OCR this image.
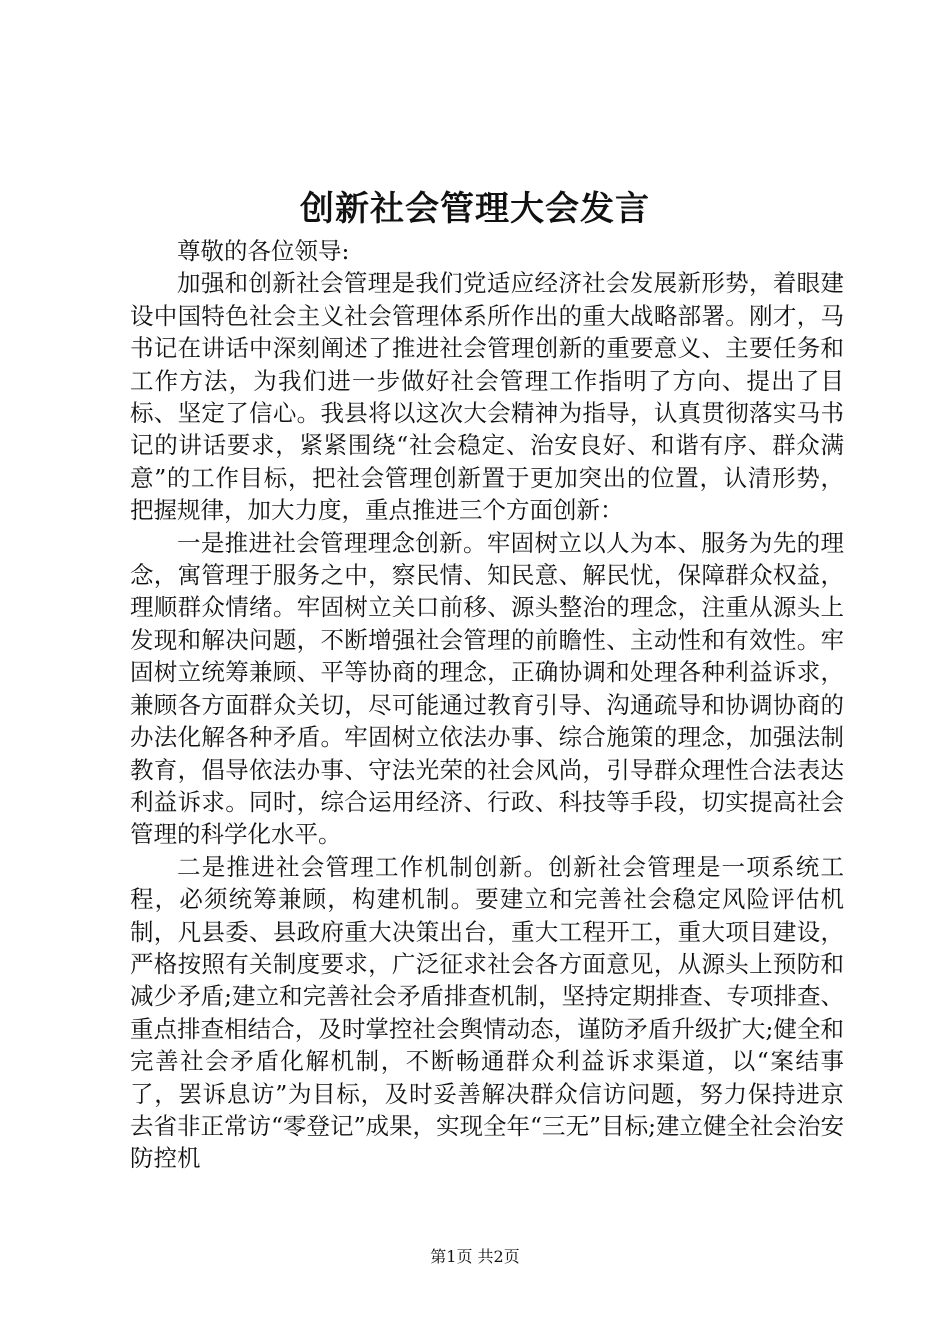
创新社会管理大会发言

尊敬的各位领导:

加强和创新社会管理是我们党适应经济社会发展新形势，着眼建设中国特色社会主义社会管理体系所作出的重大战略部署。刚才，马书记在讲话中深刻阐述了推进社会管理创新的重要意义、主要任务和工作方法，为我们进一步做好社会管理工作指明了方向、提出了目标、坚定了信心。我县将以这次大会精神为指导，认真贯彻落实马书记的讲话要求，紧紧围绕“社会稳定、治安良好、和谐有序、群众满意”的工作目标，把社会管理创新置于更加突出的位置，认清形势，把握规律，加大力度，重点推进三个方面创新：

一是推进社会管理理念创新。牢固树立以人为本、服务为先的理念，寓管理于服务之中，察民情、知民意、解民忧，保障群众权益，理顺群众情绪。牢固树立关口前移、源头整治的理念，注重从源头上发现和解决问题，不断增强社会管理的前瞻性、主动性和有效性。牢固树立统筹兼顾、平等协商的理念，正确协调和处理各种利益诉求，兼顾各方面群众关切，尽可能通过教育引导、沟通疏导和协调协商的办法化解各种矛盾。牢固树立依法办事、综合施策的理念，加强法制教育，倡导依法办事、守法光荣的社会风尚，引导群众理性合法表达利益诉求。同时，综合运用经济、行政、科技等手段，切实提高社会管理的科学化水平。

二是推进社会管理工作机制创新。创新社会管理是一项系统工程，必须统筹兼顾，构建机制。要建立和完善社会稳定风险评估机制，凡县委、县政府重大决策出台，重大工程开工，重大项目建设，严格按照有关制度要求，广泛征求社会各方面意见，从源头上预防和减少矛盾;建立和完善社会矛盾排查机制，坚持定期排查、专项排查、重点排查相结合，及时掌控社会舆情动态，谨防矛盾升级扩大;健全和完善社会矛盾化解机制，不断畅通群众利益诉求渠道，以“案结事了，罢诉息访”为目标，及时妥善解决群众信访问题，努力保持进京去省非正常访“零登记”成果，实现全年“三无”目标;建立健全社会治安防控机

第1页 共2页
